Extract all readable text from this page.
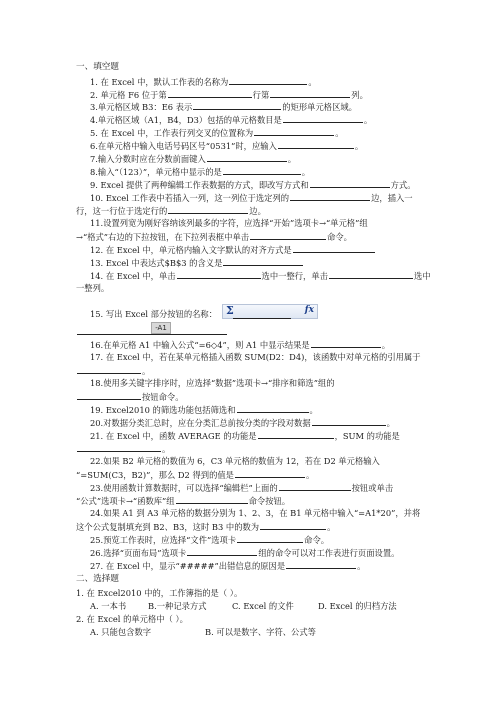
一、填空题
1. 在 Excel 中，默认工作表的名称为	。
2. 单元格 F6 位于第	行第	列。
3.单元格区域 B3：E6 表示	的矩形单元格区域。
4.单元格区域（A1，B4，D3）包括的单元格数目是	。
5. 在 Excel 中，工作表行列交叉的位置称为	。
6.在单元格中输入电话号码区号“0531”时，应输入	。
7.输入分数时应在分数前面键入	。
8.输入“（123）”，单元格中显示的是	。
9. Excel 提供了两种编辑工作表数据的方式，即改写方式和	方式。
10. Excel 工作表中若插入一列，这一列位于选定列的	边，插入一
行，这一行位于选定行的	边。
11.设置列宽为刚好容纳该列最多的字符，应选择“开始”选项卡→“单元格”组
→“格式”右边的下拉按钮，在下拉列表框中单击	命令。
12. 在 Excel 中，单元格内输入文字默认的对齐方式是
13. Excel 中表达式$B$3 的含义是
14. 在 Excel 中，单击	选中一整行，单击	选中
一整列。
15. 写出 Excel 部分按钮的名称： Σ	fx
-A1
16.在单元格 A1 中输入公式“=6◇4”，则 A1 中显示结果是	。
17. 在 Excel 中，若在某单元格插入函数 SUM(D2：D4)，该函数中对单元格的引用属于
。
18.使用多关键字排序时，应选择“数据”选项卡→“排序和筛选”组的
按钮命令。
19. Excel2010 的筛选功能包括筛选和	。
20.对数据分类汇总时，应在分类汇总前按分类的字段对数据	。
21. 在 Excel 中，函数 AVERAGE 的功能是	，SUM 的功能是
。
22.如果 B2 单元格的数值为 6，C3 单元格的数值为 12，若在 D2 单元格输入
“=SUM(C3，B2)”，那么 D2 得到的值是	。
23.使用函数计算数据时，可以选择“编辑栏”上面的	按钮或单击
“公式”选项卡→“函数库”组	命令按钮。
24.如果 A1 到 A3 单元格的数据分别为 1、2、3，在 B1 单元格中输入“=A1*20”，并将
这个公式复制填充到 B2、B3，这时 B3 中的数为	。
25.预览工作表时，应选择“文件”选项卡	命令。
26.选择“页面布局”选项卡	组的命令可以对工作表进行页面设置。
27. 在 Excel 中，显示“#####”出错信息的原因是	。
二、选择题
1. 在 Excel2010 中的，工作簿指的是（ ）。
A. 一本书	B.一种记录方式	C. Excel 的文件	D. Excel 的归档方法
2. 在 Excel 的单元格中（ ）。
A. 只能包含数字	B. 可以是数字、字符、公式等
